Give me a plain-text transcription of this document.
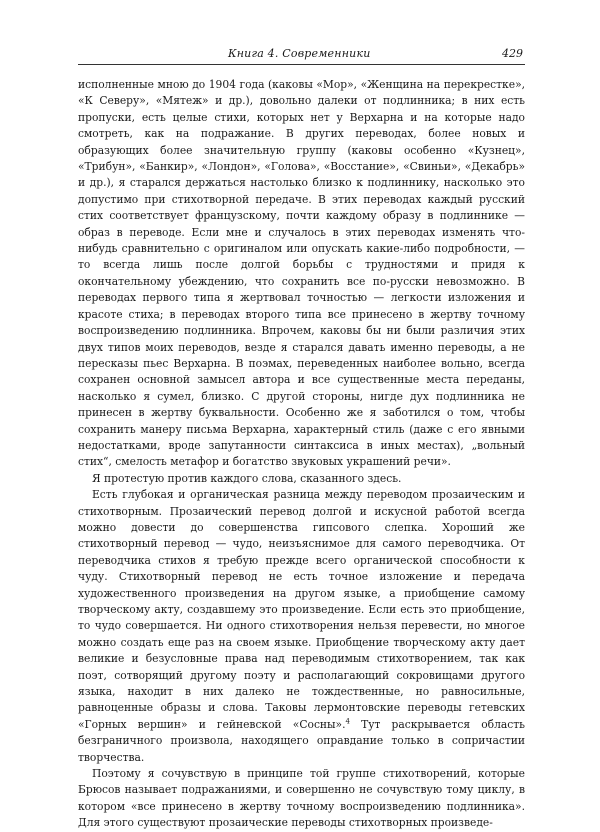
Книга 4. Современники	429

исполненные мною до 1904 года (каковы «Мор», «Женщина на перекрестке», «К Северу», «Мятеж» и др.), довольно далеки от подлинника; в них есть пропуски, есть целые стихи, которых нет у Верхарна и на которые надо смотреть, как на подражание. В других переводах, более новых и образующих более значительную группу (каковы особенно «Кузнец», «Трибун», «Банкир», «Лондон», «Голова», «Восстание», «Свиньи», «Декабрь» и др.), я старался держаться настолько близко к подлиннику, насколько это допустимо при стихотворной передаче. В этих переводах каждый русский стих соответствует французскому, почти каждому образу в подлиннике — образ в переводе. Если мне и случалось в этих переводах изменять что-нибудь сравнительно с оригиналом или опускать какие-либо подробности, — то всегда лишь после долгой борьбы с трудностями и придя к окончательному убеждению, что сохранить все по-русски невозможно. В переводах первого типа я жертвовал точностью — легкости изложения и красоте стиха; в переводах второго типа все принесено в жертву точному воспроизведению подлинника. Впрочем, каковы бы ни были различия этих двух типов моих переводов, везде я старался давать именно переводы, а не пересказы пьес Верхарна. В поэмах, переведенных наиболее вольно, всегда сохранен основной замысел автора и все существенные места переданы, насколько я сумел, близко. С другой стороны, нигде дух подлинника не принесен в жертву буквальности. Особенно же я заботился о том, чтобы сохранить манеру письма Верхарна, характерный стиль (даже с его явными недостатками, вроде запутанности синтаксиса в иных местах), „вольный стих“, смелость метафор и богатство звуковых украшений речи».

Я протестую против каждого слова, сказанного здесь.

Есть глубокая и органическая разница между переводом прозаическим и стихотворным. Прозаический перевод долгой и искусной работой всегда можно довести до совершенства гипсового слепка. Хороший же стихотворный перевод — чудо, неизъяснимое для самого переводчика. От переводчика стихов я требую прежде всего органической способности к чуду. Стихотворный перевод не есть точное изложение и передача художественного произведения на другом языке, а приобщение самому творческому акту, создавшему это произведение. Если есть это приобщение, то чудо совершается. Ни одного стихотворения нельзя перевести, но многое можно создать еще раз на своем языке. Приобщение творческому акту дает великие и безусловные права над переводимым стихотворением, так как поэт, сотворящий другому поэту и располагающий сокровищами другого языка, находит в них далеко не тождественные, но равносильные, равноценные образы и слова. Таковы лермонтовские переводы гетевских «Горных вершин» и гейневской «Сосны».$^4$ Тут раскрывается область безграничного произвола, находящего оправдание только в сопричастии творчества.

Поэтому я сочувствую в принципе той группе стихотворений, которые Брюсов называет подражаниями, и совершенно не сочувствую тому циклу, в котором «все принесено в жертву точному воспроизведению подлинника». Для этого существуют прозаические переводы стихотворных произведе-
